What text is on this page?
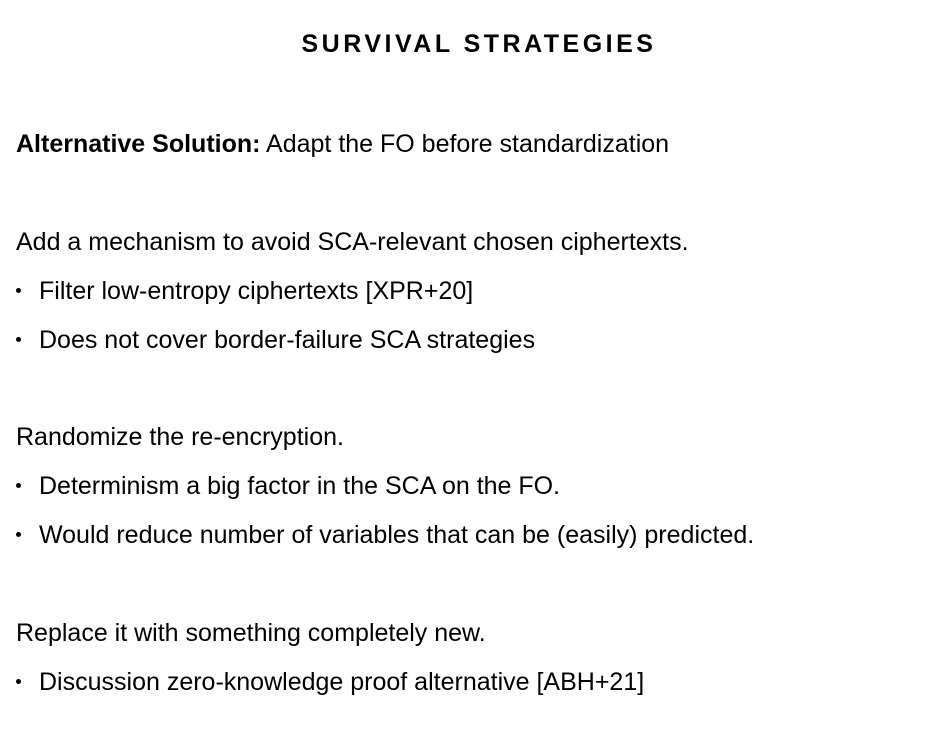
SURVIVAL STRATEGIES
Alternative Solution: Adapt the FO before standardization
Add a mechanism to avoid SCA-relevant chosen ciphertexts.
Filter low-entropy ciphertexts [XPR+20]
Does not cover border-failure SCA strategies
Randomize the re-encryption.
Determinism a big factor in the SCA on the FO.
Would reduce number of variables that can be (easily) predicted.
Replace it with something completely new.
Discussion zero-knowledge proof alternative [ABH+21]
